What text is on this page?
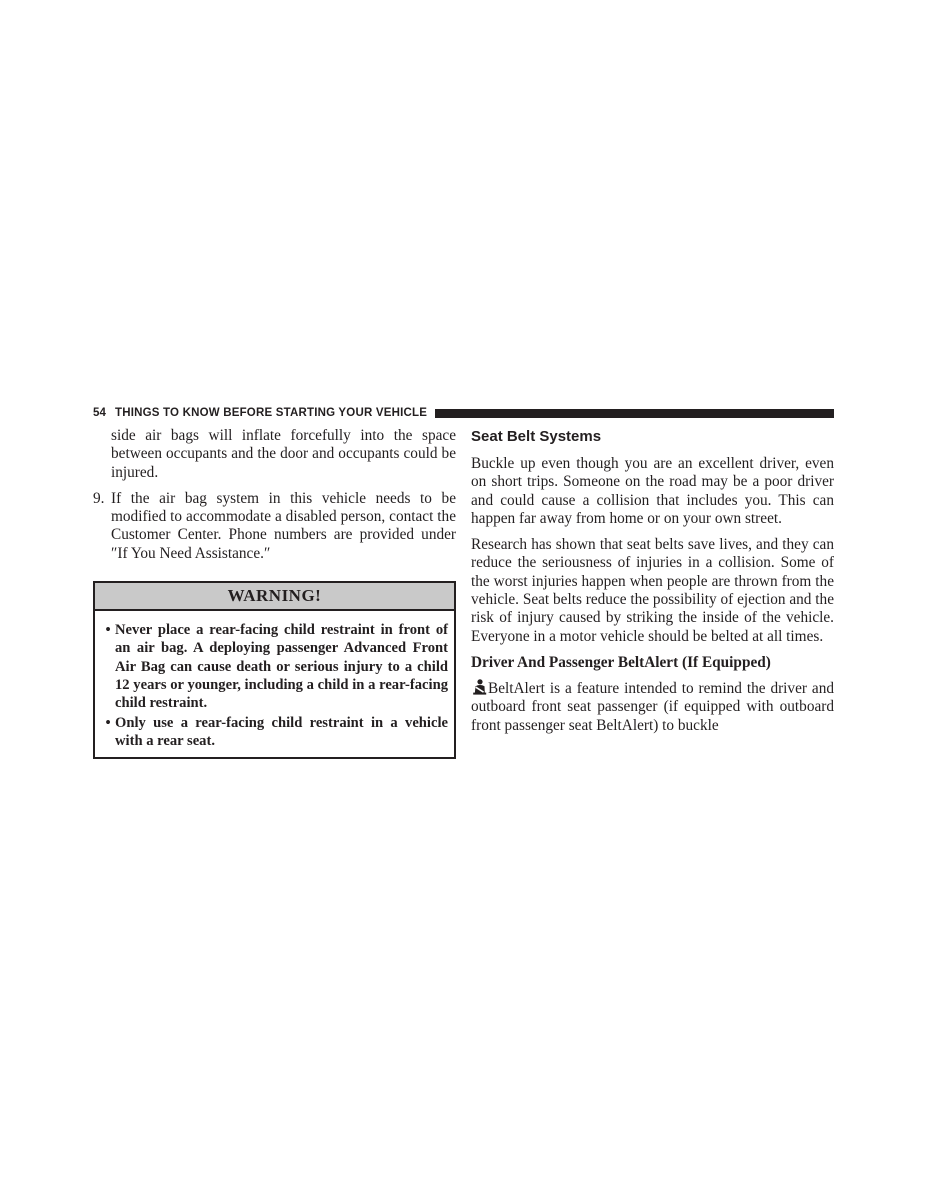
54 THINGS TO KNOW BEFORE STARTING YOUR VEHICLE

side air bags will inflate forcefully into the space between occupants and the door and occupants could be injured.

9. If the air bag system in this vehicle needs to be modified to accommodate a disabled person, contact the Customer Center. Phone numbers are provided under ″If You Need Assistance.″

WARNING!
• Never place a rear-facing child restraint in front of an air bag. A deploying passenger Advanced Front Air Bag can cause death or serious injury to a child 12 years or younger, including a child in a rear-facing child restraint.

• Only use a rear-facing child restraint in a vehicle with a rear seat.

Seat Belt Systems

Buckle up even though you are an excellent driver, even on short trips. Someone on the road may be a poor driver and could cause a collision that includes you. This can happen far away from home or on your own street.

Research has shown that seat belts save lives, and they can reduce the seriousness of injuries in a collision. Some of the worst injuries happen when people are thrown from the vehicle. Seat belts reduce the possibility of ejection and the risk of injury caused by striking the inside of the vehicle. Everyone in a motor vehicle should be belted at all times.

Driver And Passenger BeltAlert (If Equipped)

BeltAlert is a feature intended to remind the driver and outboard front seat passenger (if equipped with outboard front passenger seat BeltAlert) to buckle
